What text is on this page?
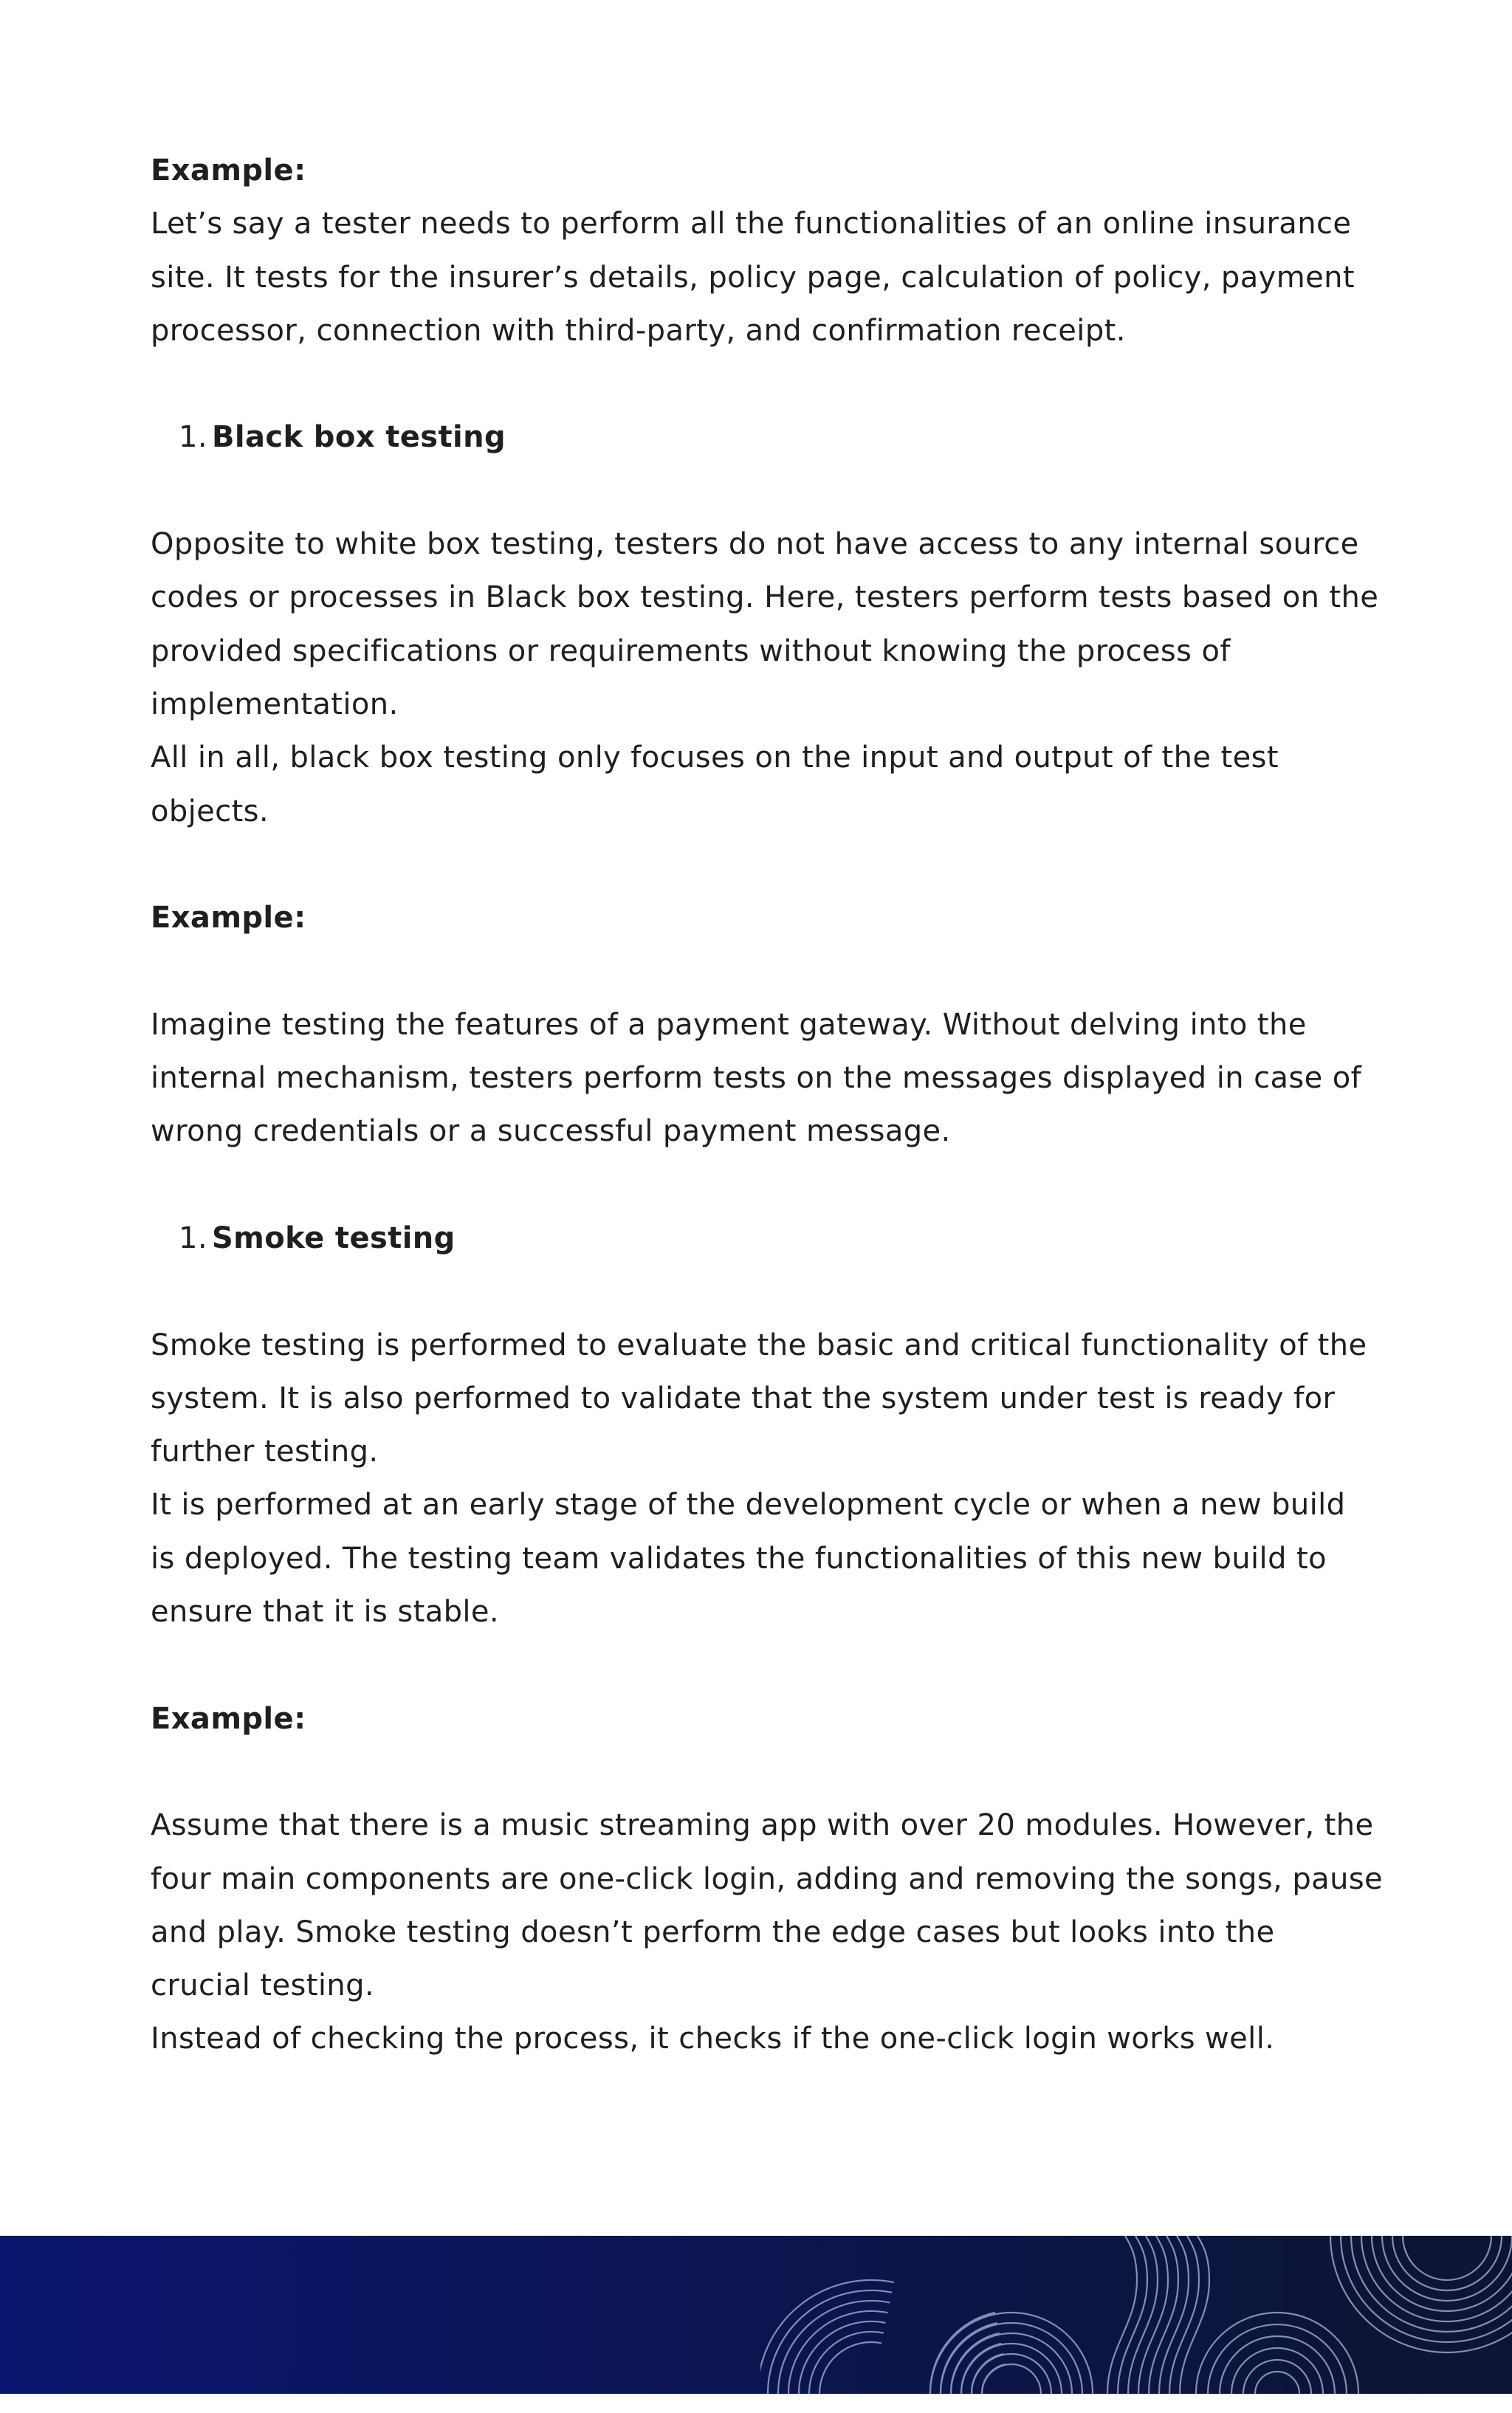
Example:
Let’s say a tester needs to perform all the functionalities of an online insurance
site. It tests for the insurer’s details, policy page, calculation of policy, payment
processor, connection with third-party, and confirmation receipt.
1. Black box testing
Opposite to white box testing, testers do not have access to any internal source
codes or processes in Black box testing. Here, testers perform tests based on the
provided specifications or requirements without knowing the process of
implementation.
All in all, black box testing only focuses on the input and output of the test
objects.
Example:
Imagine testing the features of a payment gateway. Without delving into the
internal mechanism, testers perform tests on the messages displayed in case of
wrong credentials or a successful payment message.
1. Smoke testing
Smoke testing is performed to evaluate the basic and critical functionality of the
system. It is also performed to validate that the system under test is ready for
further testing.
It is performed at an early stage of the development cycle or when a new build
is deployed. The testing team validates the functionalities of this new build to
ensure that it is stable.
Example:
Assume that there is a music streaming app with over 20 modules. However, the
four main components are one-click login, adding and removing the songs, pause
and play. Smoke testing doesn’t perform the edge cases but looks into the
crucial testing.
Instead of checking the process, it checks if the one-click login works well.
